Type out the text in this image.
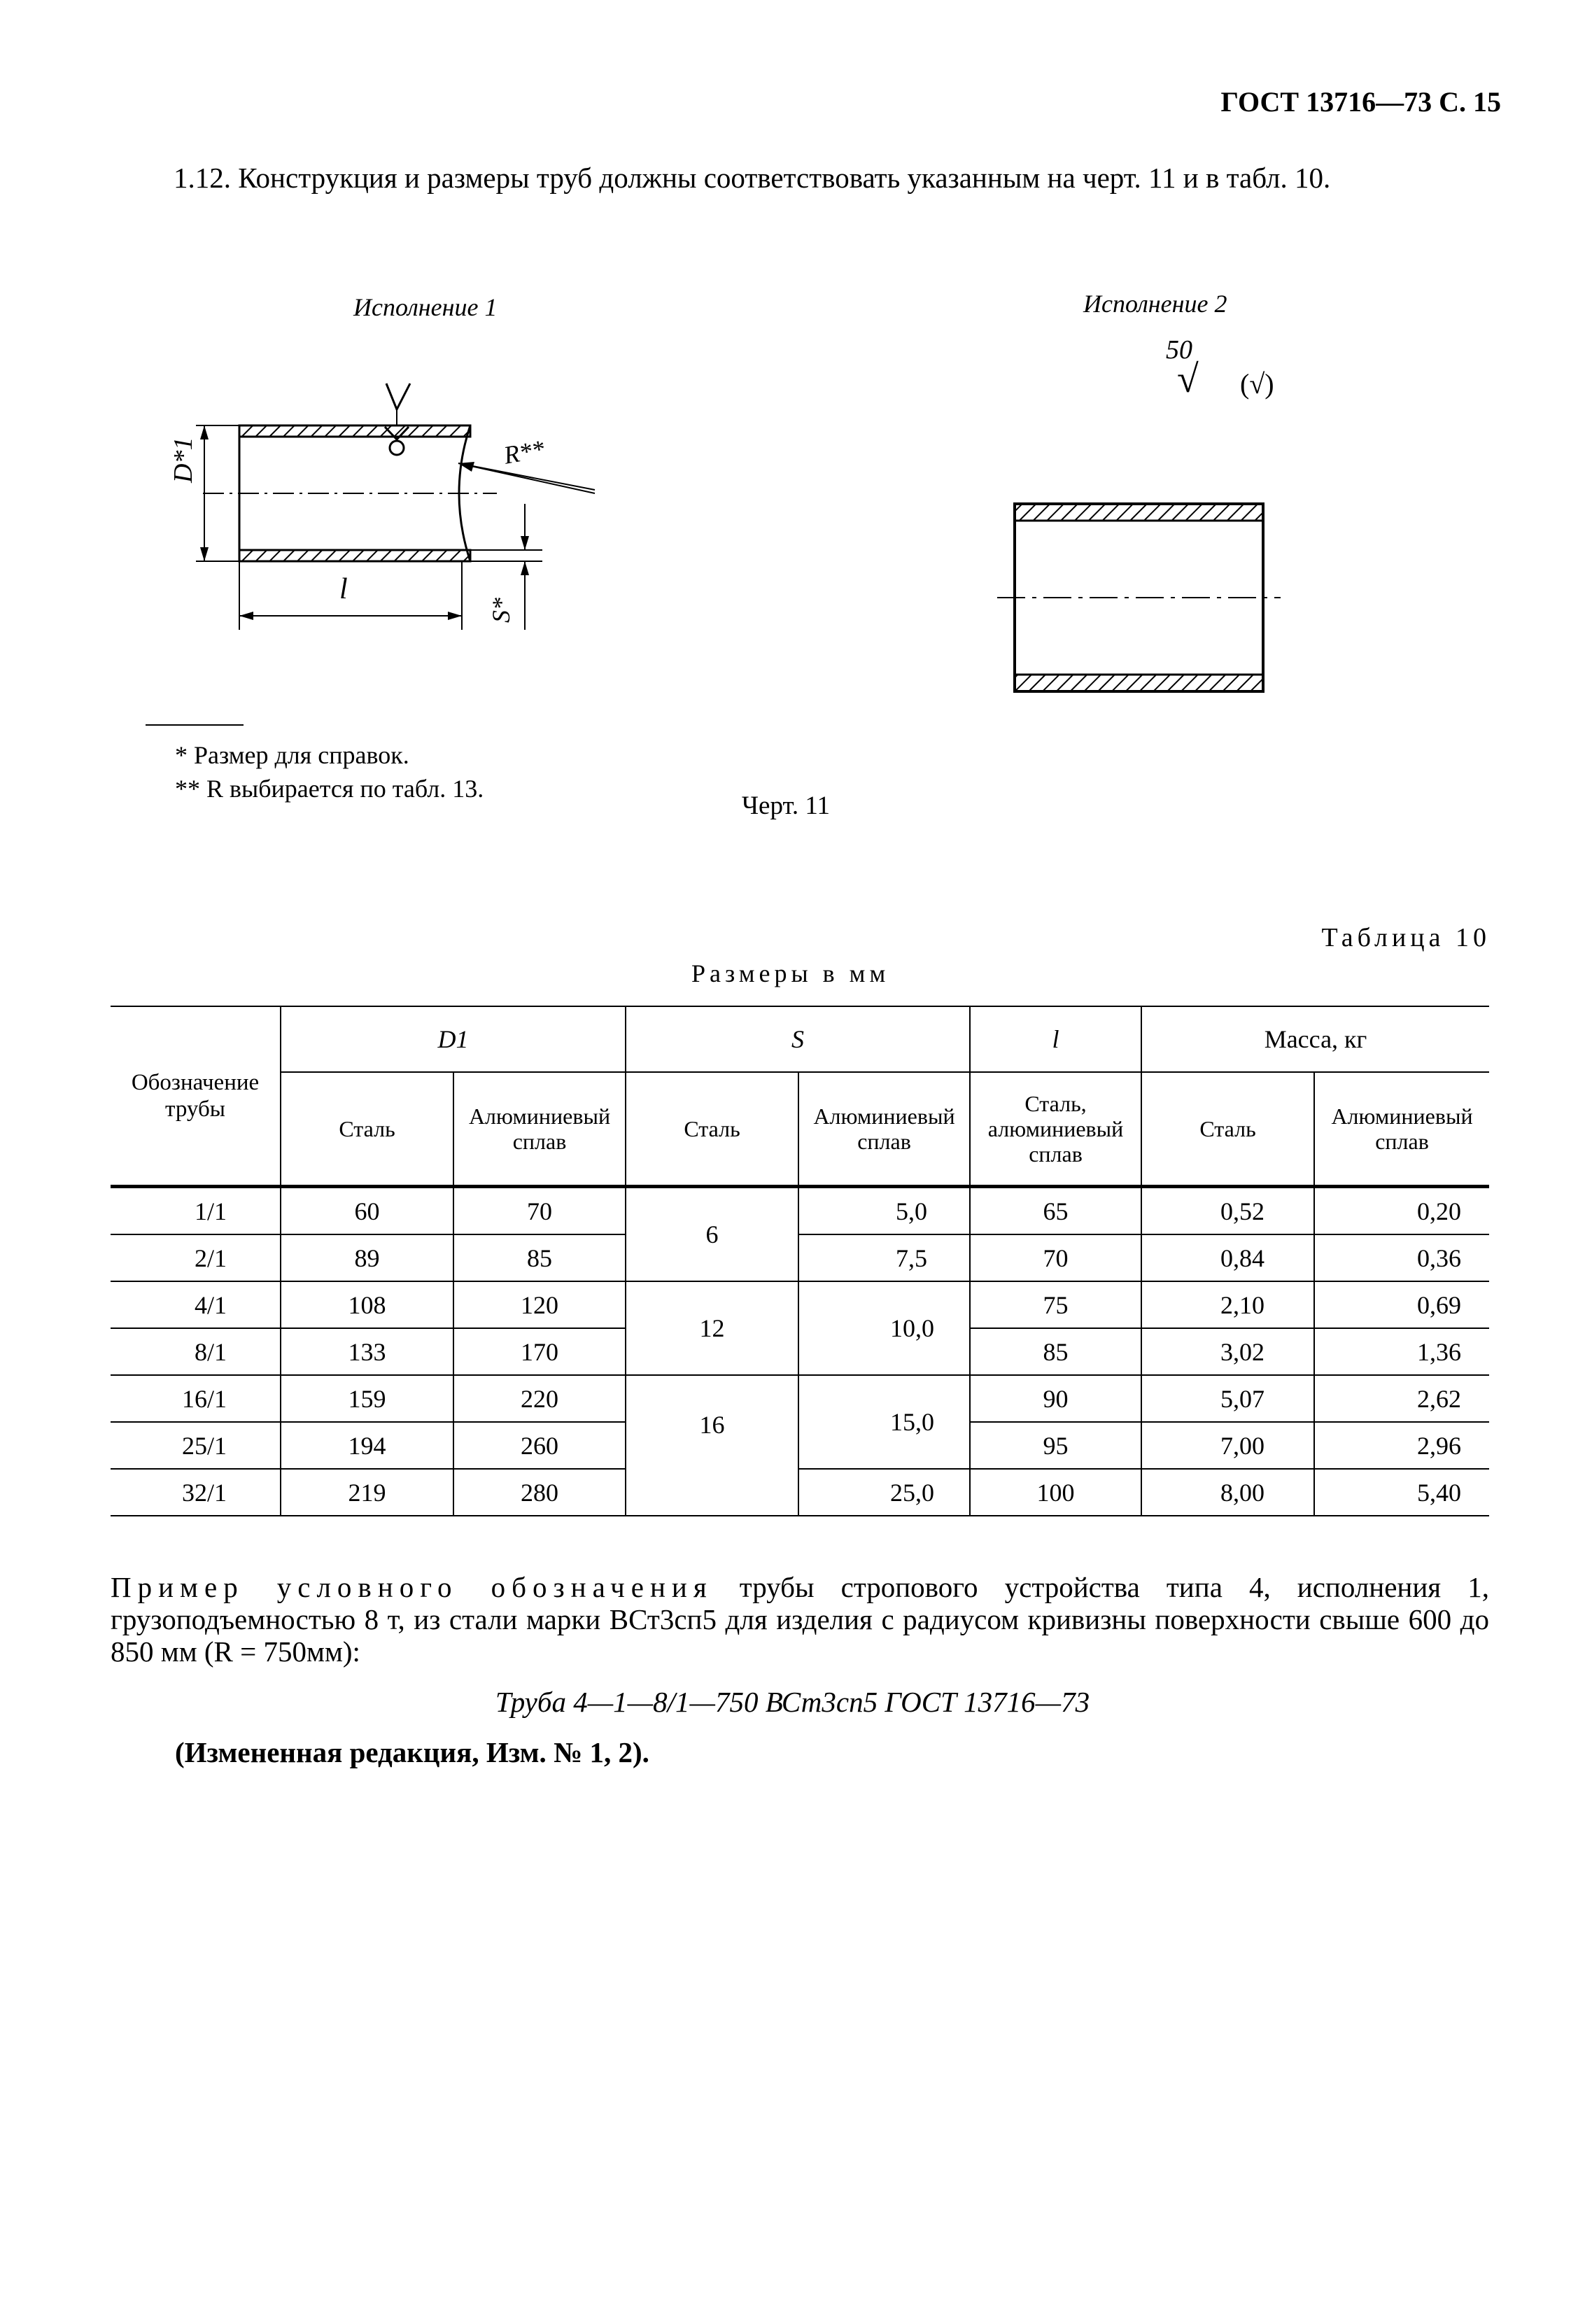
ГОСТ 13716—73 С. 15
1.12. Конструкция и размеры труб должны соответствовать указанным на черт. 11 и в табл. 10.
Исполнение 1	Исполнение 2
D*1	R**
l
S*
50
√ (√)
* Размер для справок.
** R выбирается по табл. 13.
Черт. 11
Таблица 10
Размеры в мм
Обозначение трубы	D1		S		l	Масса, кг	
	Сталь	Алюминиевый сплав	Сталь	Алюминиевый сплав	Сталь, алюминиевый сплав	Сталь	Алюминиевый сплав
1/1	60	70	6	5,0	65	0,52	0,20
2/1	89	85		7,5	70	0,84	0,36
4/1	108	120	12	10,0	75	2,10	0,69
8/1	133	170			85	3,02	1,36
16/1	159	220	16	15,0	90	5,07	2,62
25/1	194	260			95	7,00	2,96
32/1	219	280		25,0	100	8,00	5,40
Пример условного обозначения трубы стропового устройства типа 4, исполнения 1, грузоподъемностью 8 т, из стали марки ВСт3сп5 для изделия с радиусом кривизны поверхности свыше 600 до 850 мм (R = 750мм):
Труба 4—1—8/1—750 ВСт3сп5 ГОСТ 13716—73
(Измененная редакция, Изм. № 1, 2).
